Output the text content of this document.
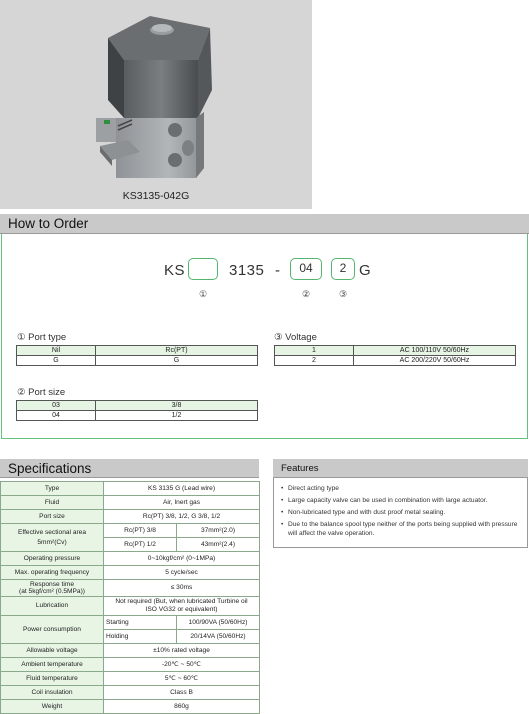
KS3135-042G
How to Order
KS	3135 -	04	2 G
①	②	③
① Port type
Nil	Rc(PT)
G	G
② Port size
03	3/8
04	1/2
③ Voltage
1	AC 100/110V 50/60Hz
2	AC 200/220V 50/60Hz
Specifications
Type	KS 3135 G (Lead wire)	
Fluid	Air, Inert gas	
Port size	Rc(PT) 3/8, 1/2, G 3/8, 1/2	
Effective sectional area
5mm²(Cv)	Rc(PT) 3/8	37mm²(2.0)
	Rc(PT) 1/2	43mm²(2.4)
Operating pressure	0~10kgf/cm² (0~1MPa)	
Max. operating frequency	5 cycle/sec	
Response time
(at 5kgf/cm² (0.5MPa))	≤ 30ms	
Lubrication	Not required (But, when lubricated Turbine oil
ISO VG32 or equivalent)	
Power consumption	Starting	100/90VA (50/60Hz)
	Holding	20/14VA (50/60Hz)
Allowable voltage	±10% rated voltage	
Ambient temperature	-20℃ ~ 50℃	
Fluid temperature	5℃ ~ 60℃	
Coil insulation	Class B	
Weight	860g	
Features
• Direct acting type
• Large capacity valve can be used in combination with large actuator.
• Non-lubricated type and with dust proof metal sealing.
• Due to the balance spool type neither of the ports being supplied with pressure will affect the valve operation.
